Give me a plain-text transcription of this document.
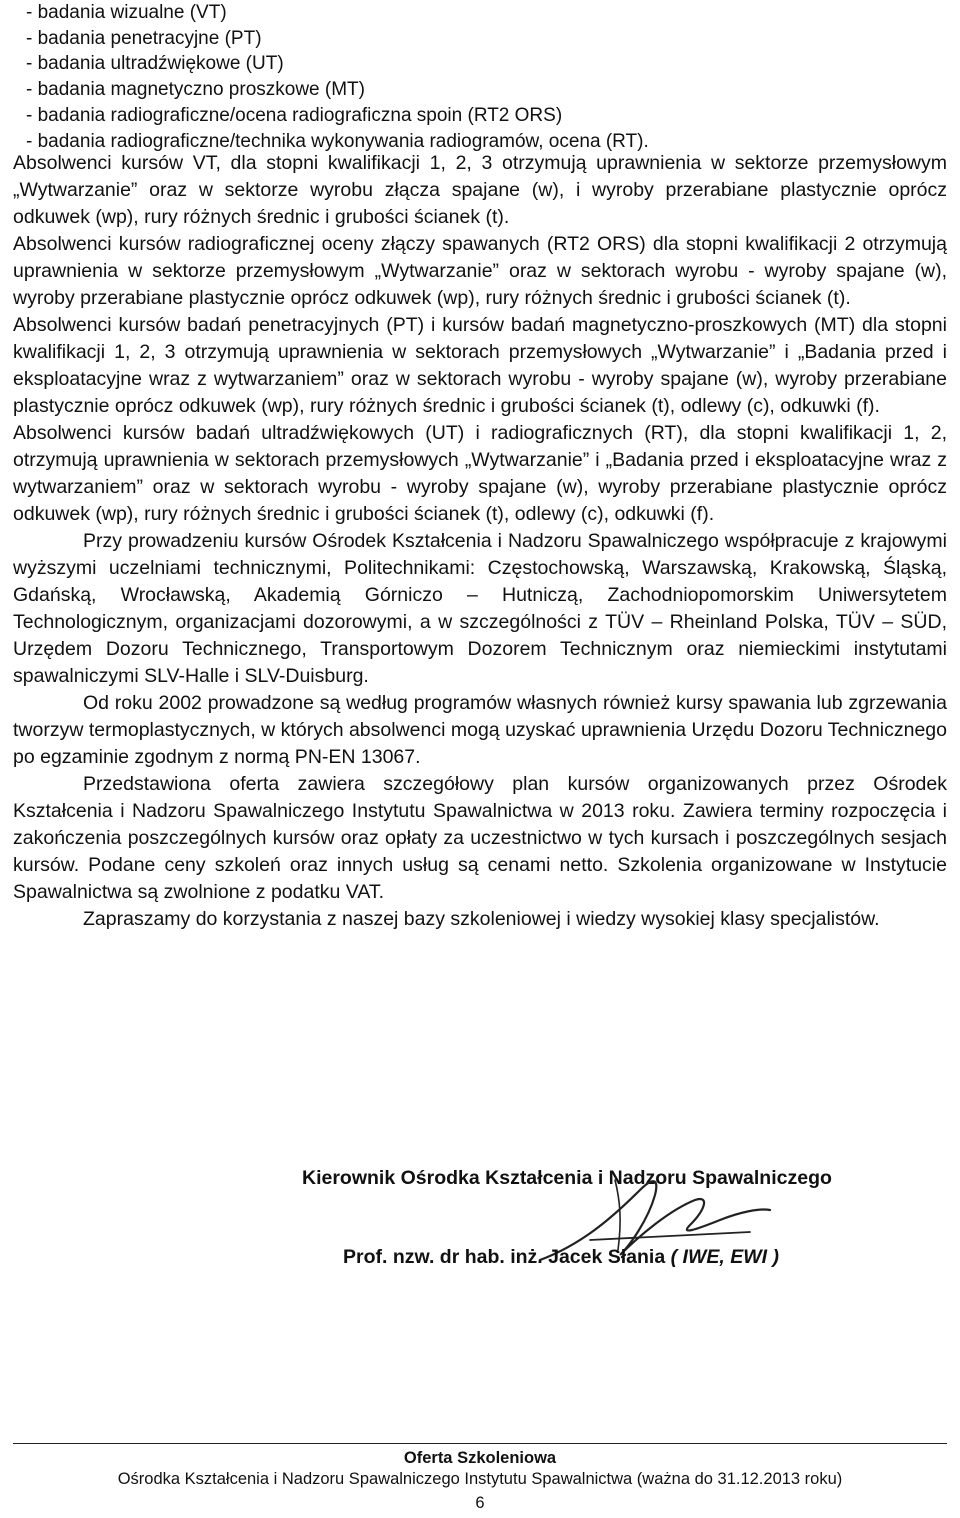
- badania wizualne (VT)
- badania penetracyjne (PT)
- badania ultradźwiękowe (UT)
- badania magnetyczno proszkowe (MT)
- badania radiograficzne/ocena radiograficzna spoin (RT2 ORS)
- badania radiograficzne/technika wykonywania radiogramów, ocena (RT).

Absolwenci kursów VT, dla stopni kwalifikacji 1, 2, 3 otrzymują uprawnienia w sektorze przemysłowym „Wytwarzanie” oraz w sektorze wyrobu złącza spajane (w), i wyroby przerabiane plastycznie oprócz odkuwek (wp), rury różnych średnic i grubości ścianek (t).

Absolwenci kursów radiograficznej oceny złączy spawanych (RT2 ORS) dla stopni kwalifikacji 2 otrzymują uprawnienia w sektorze przemysłowym „Wytwarzanie” oraz w sektorach wyrobu - wyroby spajane (w), wyroby przerabiane plastycznie oprócz odkuwek (wp), rury różnych średnic i grubości ścianek (t).

Absolwenci kursów badań penetracyjnych (PT) i kursów badań magnetyczno-proszkowych (MT) dla stopni kwalifikacji 1, 2, 3 otrzymują uprawnienia w sektorach przemysłowych „Wytwarzanie” i „Badania przed i eksploatacyjne wraz z wytwarzaniem” oraz w sektorach wyrobu - wyroby spajane (w), wyroby przerabiane plastycznie oprócz odkuwek (wp), rury różnych średnic i grubości ścianek (t), odlewy (c), odkuwki (f).

Absolwenci kursów badań ultradźwiękowych (UT) i radiograficznych (RT), dla stopni kwalifikacji 1, 2, otrzymują uprawnienia w sektorach przemysłowych „Wytwarzanie” i „Badania przed i eksploatacyjne wraz z wytwarzaniem” oraz w sektorach wyrobu - wyroby spajane (w), wyroby przerabiane plastycznie oprócz odkuwek (wp), rury różnych średnic i grubości ścianek (t), odlewy (c), odkuwki (f).

Przy prowadzeniu kursów Ośrodek Kształcenia i Nadzoru Spawalniczego współpracuje z krajowymi wyższymi uczelniami technicznymi, Politechnikami: Częstochowską, Warszawską, Krakowską, Śląską, Gdańską, Wrocławską, Akademią Górniczo – Hutniczą, Zachodniopomorskim Uniwersytetem Technologicznym, organizacjami dozorowymi, a w szczególności z TÜV – Rheinland Polska, TÜV – SÜD, Urzędem Dozoru Technicznego, Transportowym Dozorem Technicznym oraz niemieckimi instytutami spawalniczymi SLV-Halle i SLV-Duisburg.

Od roku 2002 prowadzone są według programów własnych również kursy spawania lub zgrzewania tworzyw termoplastycznych, w których absolwenci mogą uzyskać uprawnienia Urzędu Dozoru Technicznego po egzaminie zgodnym z normą PN-EN 13067.

Przedstawiona oferta zawiera szczegółowy plan kursów organizowanych przez Ośrodek Kształcenia i Nadzoru Spawalniczego Instytutu Spawalnictwa w 2013 roku. Zawiera terminy rozpoczęcia i zakończenia poszczególnych kursów oraz opłaty za uczestnictwo w tych kursach i poszczególnych sesjach kursów. Podane ceny szkoleń oraz innych usług są cenami netto. Szkolenia organizowane w Instytucie Spawalnictwa są zwolnione z podatku VAT.

Zapraszamy do korzystania z naszej bazy szkoleniowej i wiedzy wysokiej klasy specjalistów.

Kierownik Ośrodka Kształcenia i Nadzoru Spawalniczego
Prof. nzw. dr hab. inż. Jacek Słania ( IWE, EWI )
Oferta Szkoleniowa
Ośrodka Kształcenia i Nadzoru Spawalniczego Instytutu Spawalnictwa (ważna do 31.12.2013 roku)
6
